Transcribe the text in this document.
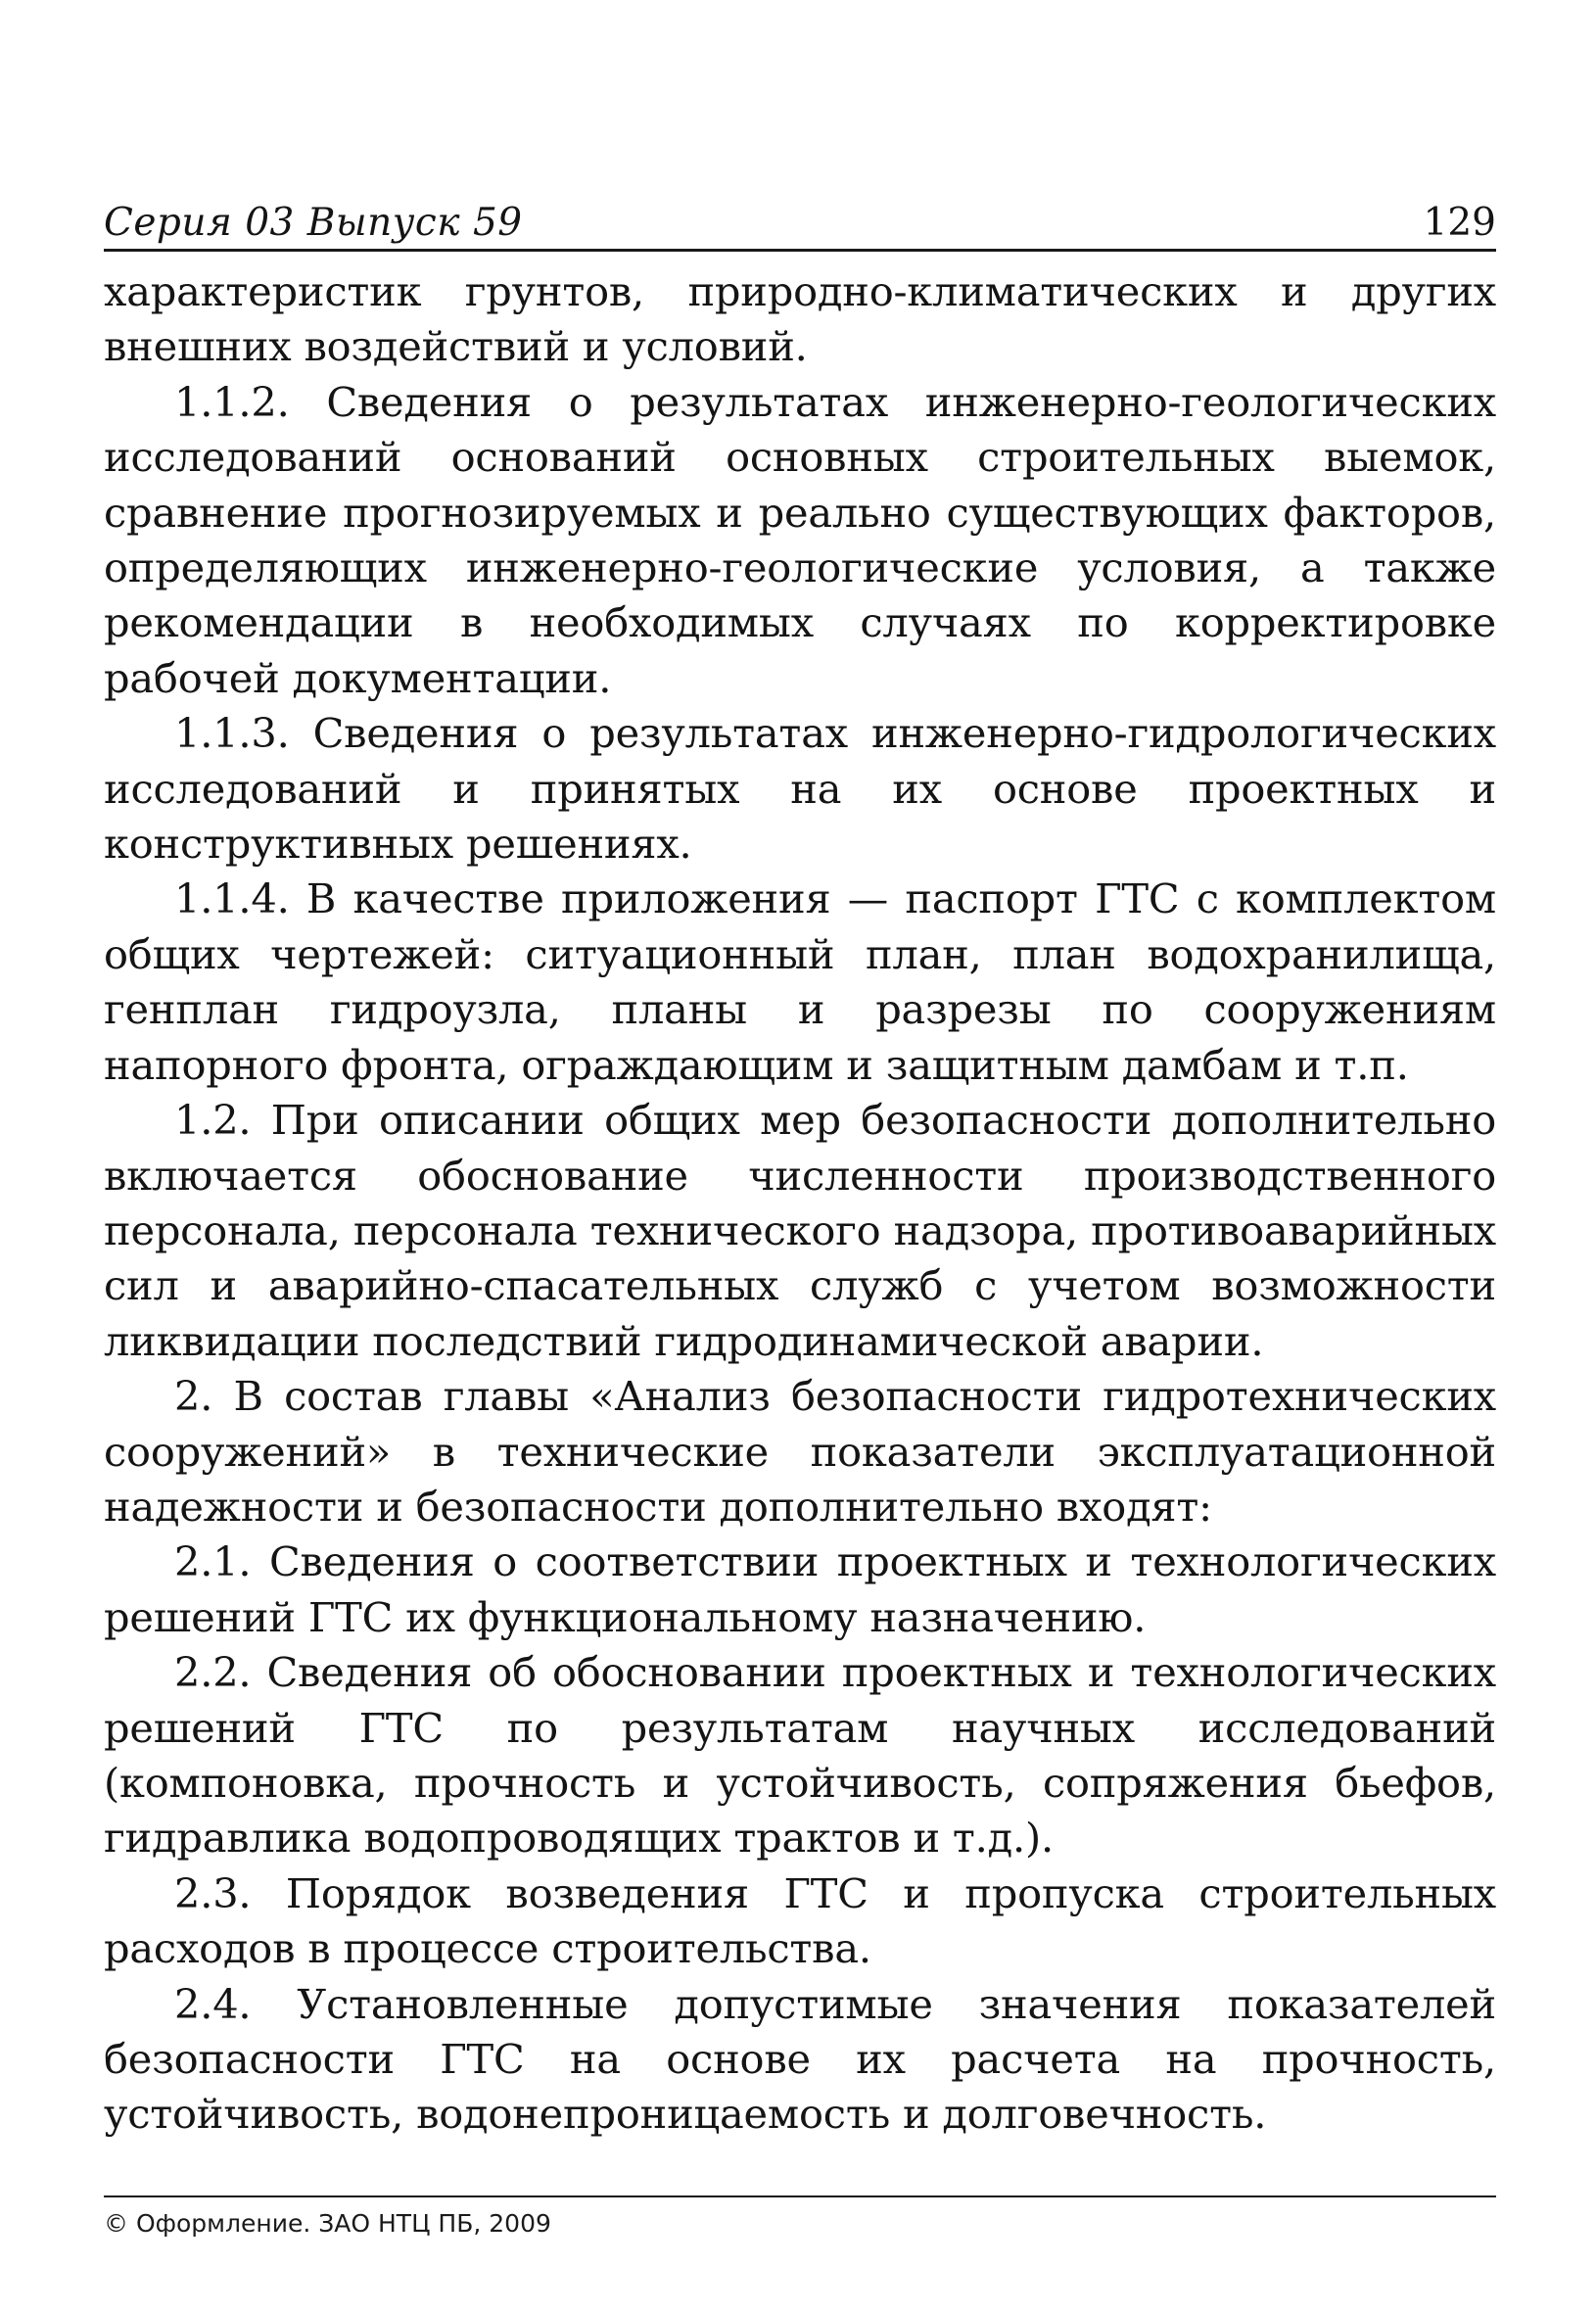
Серия 03 Выпуск 59	129

характеристик грунтов, природно-климатических и других внешних воздействий и условий.

1.1.2. Сведения о результатах инженерно-геологических исследований оснований основных строительных выемок, сравнение прогнозируемых и реально существующих факторов, определяющих инженерно-геологические условия, а также рекомендации в необходимых случаях по корректировке рабочей документации.

1.1.3. Сведения о результатах инженерно-гидрологических исследований и принятых на их основе проектных и конструктивных решениях.

1.1.4. В качестве приложения — паспорт ГТС с комплектом общих чертежей: ситуационный план, план водохранилища, генплан гидроузла, планы и разрезы по сооружениям напорного фронта, ограждающим и защитным дамбам и т.п.

1.2. При описании общих мер безопасности дополнительно включается обоснование численности производственного персонала, персонала технического надзора, противоаварийных сил и аварийно-спасательных служб с учетом возможности ликвидации последствий гидродинамической аварии.

2. В состав главы «Анализ безопасности гидротехнических сооружений» в технические показатели эксплуатационной надежности и безопасности дополнительно входят:

2.1. Сведения о соответствии проектных и технологических решений ГТС их функциональному назначению.

2.2. Сведения об обосновании проектных и технологических решений ГТС по результатам научных исследований (компоновка, прочность и устойчивость, сопряжения бьефов, гидравлика водопроводящих трактов и т.д.).

2.3. Порядок возведения ГТС и пропуска строительных расходов в процессе строительства.

2.4. Установленные допустимые значения показателей безопасности ГТС на основе их расчета на прочность, устойчивость, водонепроницаемость и долговечность.

© Оформление. ЗАО НТЦ ПБ, 2009
